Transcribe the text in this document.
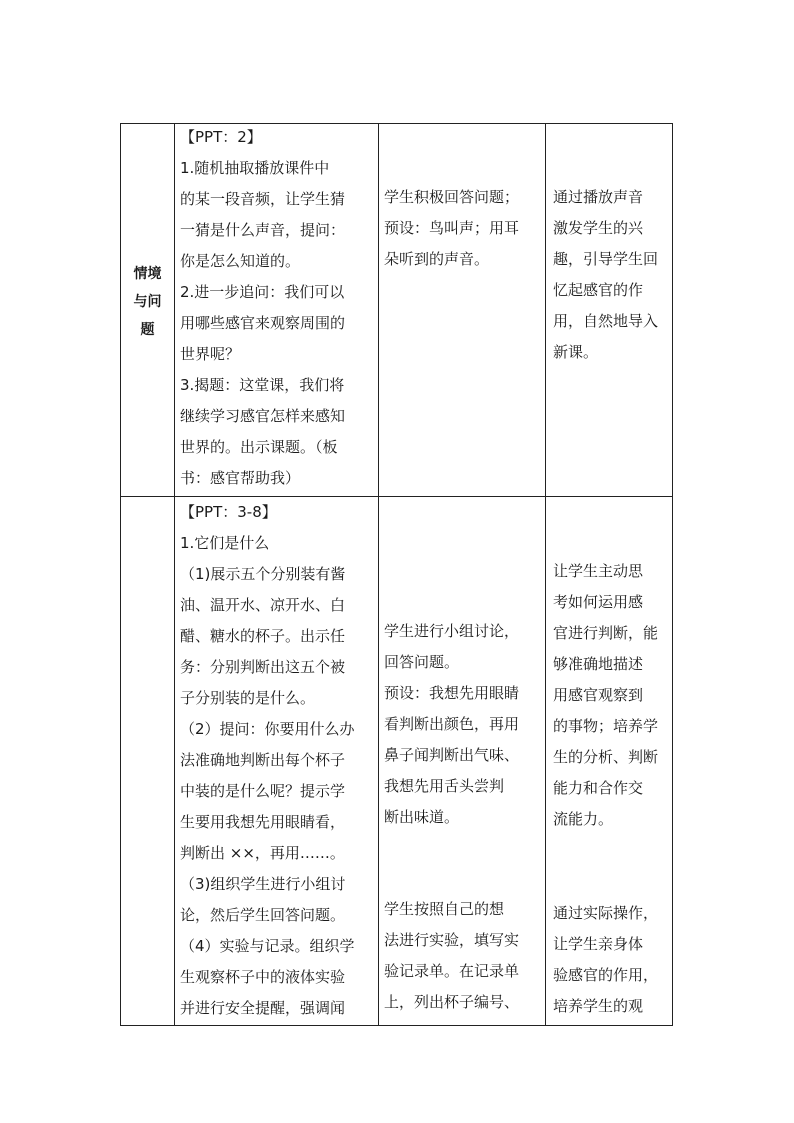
情境

与问

题

【PPT：2】

1.随机抽取播放课件中

的某一段音频，让学生猜

一猜是什么声音，提问：

你是怎么知道的。

2.进一步追问：我们可以

用哪些感官来观察周围的

世界呢？

3.揭题：这堂课，我们将

继续学习感官怎样来感知

世界的。出示课题。（板

书：感官帮助我）

学生积极回答问题；

预设：鸟叫声；用耳

朵听到的声音。

通过播放声音

激发学生的兴

趣，引导学生回

忆起感官的作

用，自然地导入

新课。

【PPT：3-8】

1.它们是什么

（1)展示五个分别装有酱

油、温开水、凉开水、白

醋、糖水的杯子。出示任

务：分别判断出这五个被

子分别装的是什么。

（2）提问：你要用什么办

法准确地判断出每个杯子

中装的是什么呢？提示学

生要用我想先用眼睛看，

判断出 ××，再用……。

（3)组织学生进行小组讨

论，然后学生回答问题。

（4）实验与记录。组织学

生观察杯子中的液体实验

并进行安全提醒，强调闻

学生进行小组讨论，

回答问题。

预设：我想先用眼睛

看判断出颜色，再用

鼻子闻判断出气味、

我想先用舌头尝判

断出味道。

学生按照自己的想

法进行实验，填写实

验记录单。在记录单

上，列出杯子编号、

让学生主动思

考如何运用感

官进行判断，能

够准确地描述

用感官观察到

的事物；培养学

生的分析、判断

能力和合作交

流能力。

通过实际操作，

让学生亲身体

验感官的作用，

培养学生的观
